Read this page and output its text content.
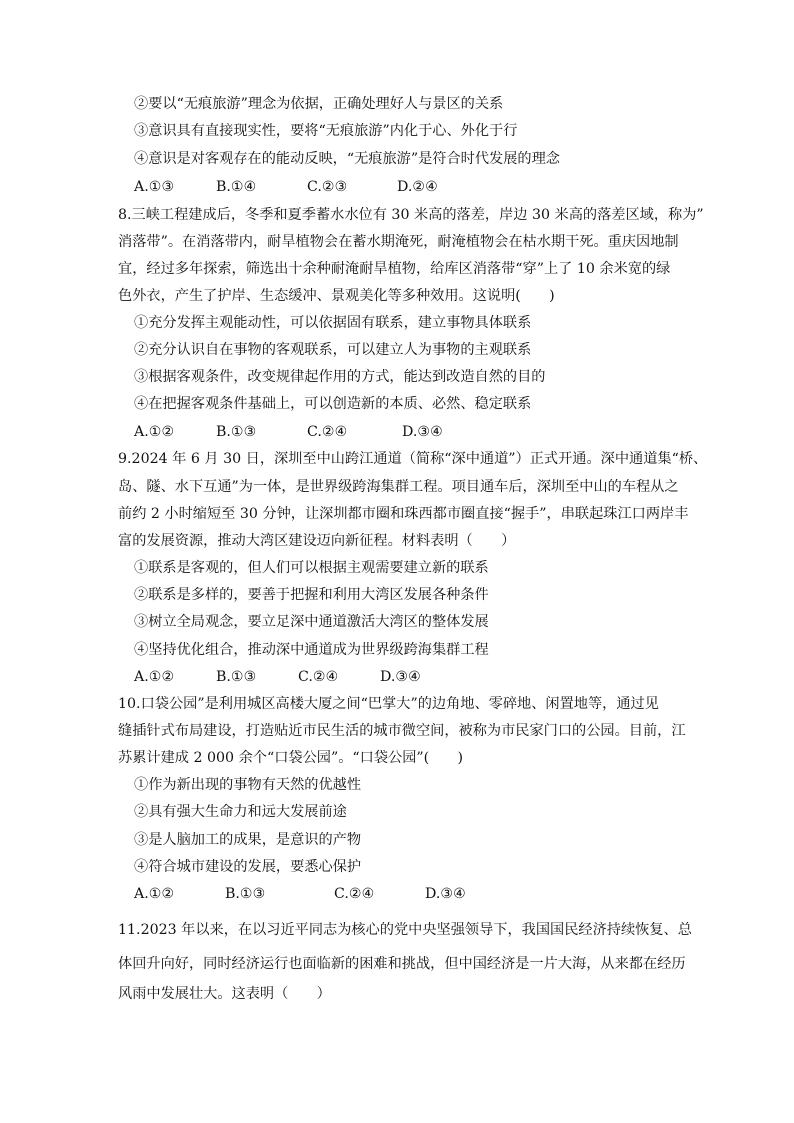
②要以“无痕旅游”理念为依据，正确处理好人与景区的关系
③意识具有直接现实性，要将“无痕旅游”内化于心、外化于行
④意识是对客观存在的能动反映，“无痕旅游”是符合时代发展的理念
A.①③	B.①④	C.②③	D.②④
8.三峡工程建成后，冬季和夏季蓄水水位有 30 米高的落差，岸边 30 米高的落差区域，称为”
消落带”。在消落带内，耐旱植物会在蓄水期淹死，耐淹植物会在枯水期干死。重庆因地制
宜，经过多年探索，筛选出十余种耐淹耐旱植物，给库区消落带“穿”上了 10 余米宽的绿
色外衣，产生了护岸、生态缓冲、景观美化等多种效用。这说明(　　)
①充分发挥主观能动性，可以依据固有联系，建立事物具体联系
②充分认识自在事物的客观联系，可以建立人为事物的主观联系
③根据客观条件，改变规律起作用的方式，能达到改造自然的目的
④在把握客观条件基础上，可以创造新的本质、必然、稳定联系
A.①②	B.①③	C.②④	D.③④
9.2024 年 6 月 30 日，深圳至中山跨江通道（简称“深中通道”）正式开通。深中通道集“桥、
岛、隧、水下互通”为一体，是世界级跨海集群工程。项目通车后，深圳至中山的车程从之
前约 2 小时缩短至 30 分钟，让深圳都市圈和珠西都市圈直接“握手”，串联起珠江口两岸丰
富的发展资源，推动大湾区建设迈向新征程。材料表明（　　）
①联系是客观的，但人们可以根据主观需要建立新的联系
②联系是多样的，要善于把握和利用大湾区发展各种条件
③树立全局观念，要立足深中通道激活大湾区的整体发展
④坚持优化组合，推动深中通道成为世界级跨海集群工程
A.①②	B.①③	C.②④	D.③④
10.口袋公园”是利用城区高楼大厦之间“巴掌大”的边角地、零碎地、闲置地等，通过见
缝插针式布局建设，打造贴近市民生活的城市微空间，被称为市民家门口的公园。目前，江
苏累计建成 2 000 余个“口袋公园”。“口袋公园”(　　)
①作为新出现的事物有天然的优越性
②具有强大生命力和远大发展前途
③是人脑加工的成果，是意识的产物
④符合城市建设的发展，要悉心保护
A.①②	B.①③	C.②④	D.③④
11.2023 年以来，在以习近平同志为核心的党中央坚强领导下，我国国民经济持续恢复、总
体回升向好，同时经济运行也面临新的困难和挑战，但中国经济是一片大海，从来都在经历
风雨中发展壮大。这表明（　　）
